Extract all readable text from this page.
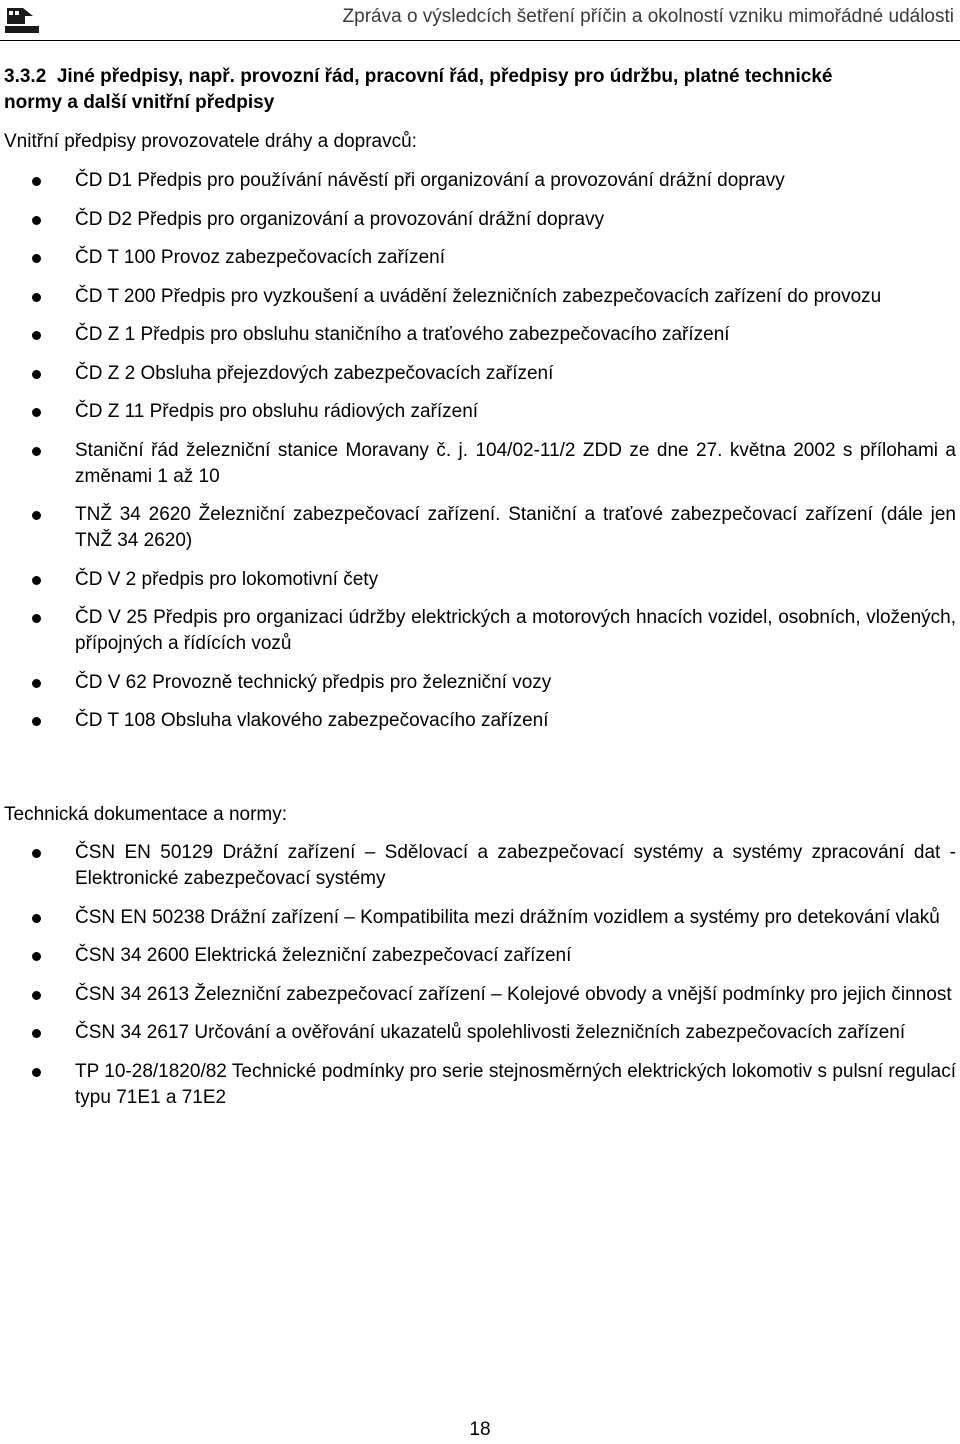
Zpráva o výsledcích šetření příčin a okolností vzniku mimořádné události
3.3.2 Jiné předpisy, např. provozní řád, pracovní řád, předpisy pro údržbu, platné technické normy a další vnitřní předpisy

Vnitřní předpisy provozovatele dráhy a dopravců:

ČD D1 Předpis pro používání návěstí při organizování a provozování drážní dopravy
ČD D2 Předpis pro organizování a provozování drážní dopravy
ČD T 100 Provoz zabezpečovacích zařízení
ČD T 200 Předpis pro vyzkoušení a uvádění železničních zabezpečovacích zařízení do provozu
ČD Z 1 Předpis pro obsluhu staničního a traťového zabezpečovacího zařízení
ČD Z 2 Obsluha přejezdových zabezpečovacích zařízení
ČD Z 11 Předpis pro obsluhu rádiových zařízení
Staniční řád železniční stanice Moravany č. j. 104/02-11/2 ZDD ze dne 27. května 2002 s přílohami a změnami 1 až 10
TNŽ 34 2620 Železniční zabezpečovací zařízení. Staniční a traťové zabezpečovací zařízení (dále jen TNŽ 34 2620)
ČD V 2 předpis pro lokomotivní čety
ČD V 25 Předpis pro organizaci údržby elektrických a motorových hnacích vozidel, osobních, vložených, přípojných a řídících vozů
ČD V 62 Provozně technický předpis pro železniční vozy
ČD T 108 Obsluha vlakového zabezpečovacího zařízení

Technická dokumentace a normy:

ČSN EN 50129 Drážní zařízení – Sdělovací a zabezpečovací systémy a systémy zpracování dat - Elektronické zabezpečovací systémy
ČSN EN 50238 Drážní zařízení – Kompatibilita mezi drážním vozidlem a systémy pro detekování vlaků
ČSN 34 2600 Elektrická železniční zabezpečovací zařízení
ČSN 34 2613 Železniční zabezpečovací zařízení – Kolejové obvody a vnější podmínky pro jejich činnost
ČSN 34 2617 Určování a ověřování ukazatelů spolehlivosti železničních zabezpečovacích zařízení
TP 10-28/1820/82 Technické podmínky pro serie stejnosměrných elektrických lokomotiv s pulsní regulací typu 71E1 a 71E2
18
